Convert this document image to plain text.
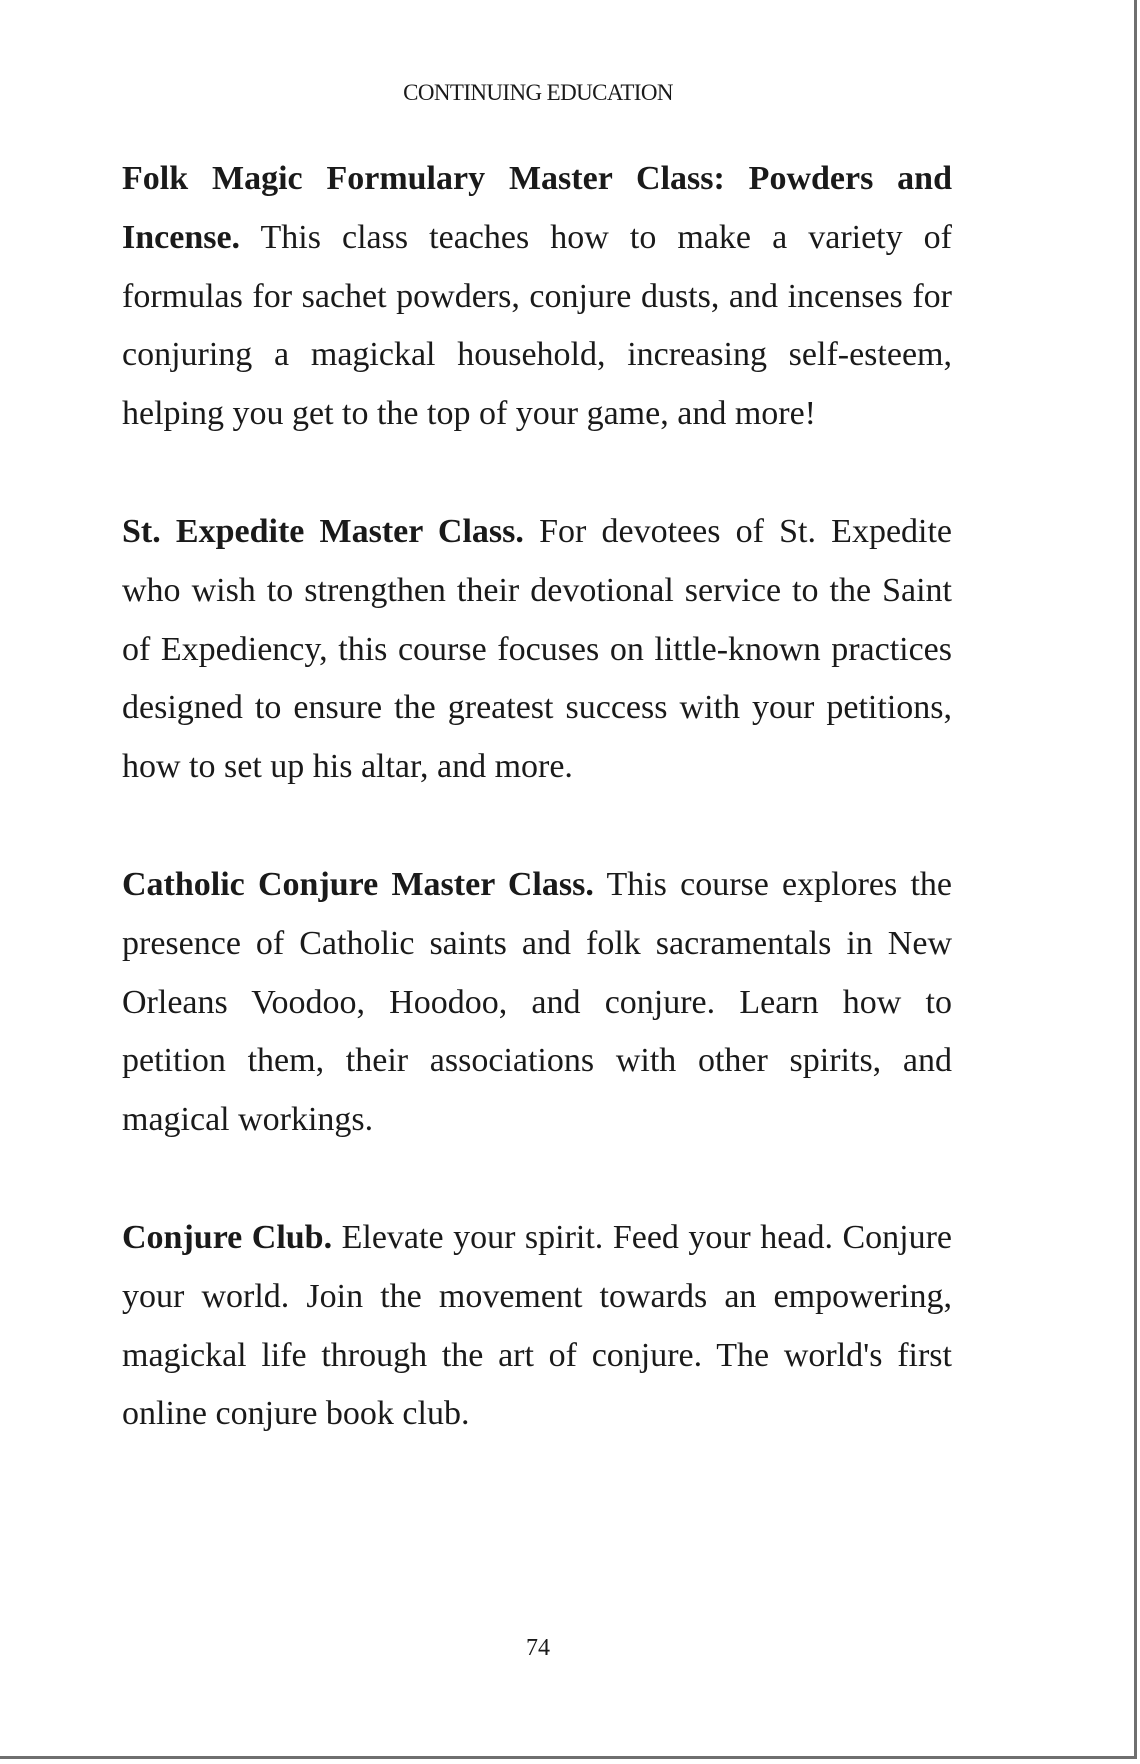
CONTINUING EDUCATION

Folk Magic Formulary Master Class: Powders and Incense. This class teaches how to make a variety of formulas for sachet powders, conjure dusts, and incenses for conjuring a magickal household, increasing self-esteem, helping you get to the top of your game, and more!

St. Expedite Master Class. For devotees of St. Expedite who wish to strengthen their devotional service to the Saint of Expediency, this course focuses on little-known practices designed to ensure the greatest success with your petitions, how to set up his altar, and more.

Catholic Conjure Master Class. This course explores the presence of Catholic saints and folk sacramentals in New Orleans Voodoo, Hoodoo, and conjure. Learn how to petition them, their associations with other spirits, and magical workings.

Conjure Club. Elevate your spirit. Feed your head. Conjure your world. Join the movement towards an empowering, magickal life through the art of conjure. The world's first online conjure book club.

74
